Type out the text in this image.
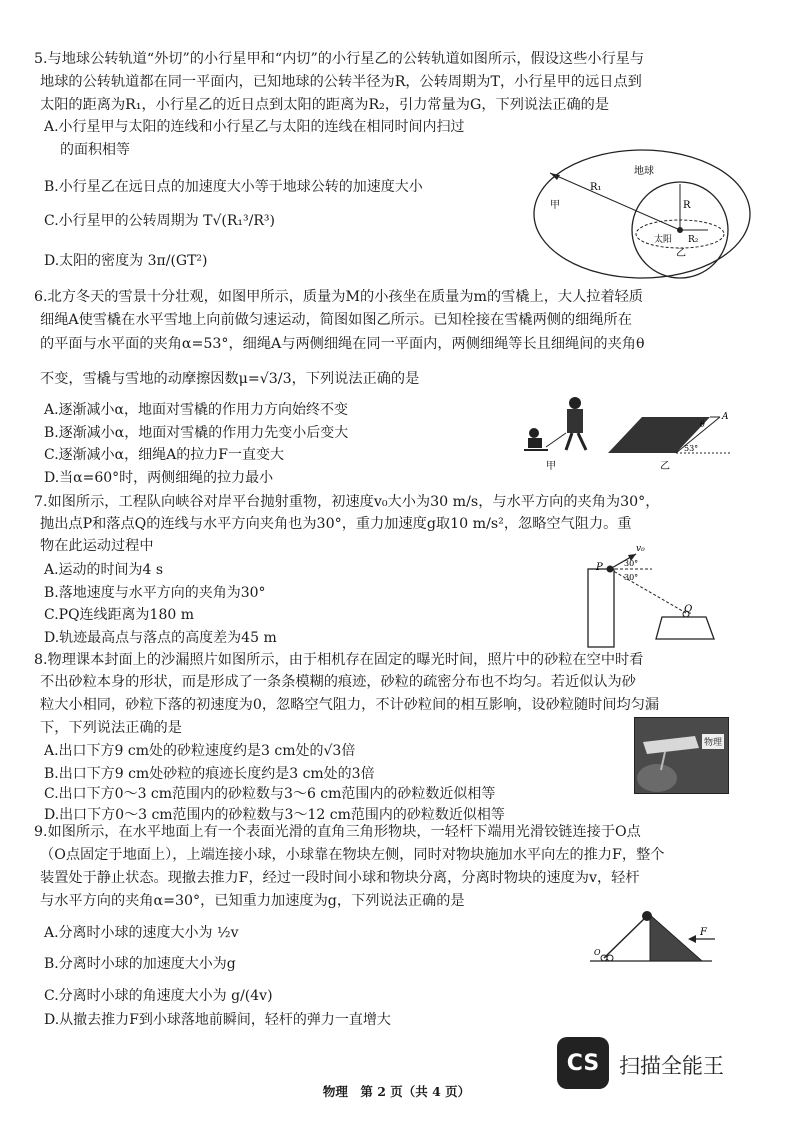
5.与地球公转轨道“外切”的小行星甲和“内切”的小行星乙的公转轨道如图所示，假设这些小行星与
地球的公转轨道都在同一平面内，已知地球的公转半径为R，公转周期为T，小行星甲的远日点到
太阳的距离为R₁，小行星乙的近日点到太阳的距离为R₂，引力常量为G，下列说法正确的是
A.小行星甲与太阳的连线和小行星乙与太阳的连线在相同时间内扫过
的面积相等
B.小行星乙在远日点的加速度大小等于地球公转的加速度大小
C.小行星甲的公转周期为 T√(R₁³/R³)
D.太阳的密度为 3π/(GT²)
R₁
地球
R
太阳 R₂
甲
乙
6.北方冬天的雪景十分壮观，如图甲所示，质量为M的小孩坐在质量为m的雪橇上，大人拉着轻质
细绳A使雪橇在水平雪地上向前做匀速运动，简图如图乙所示。已知栓接在雪橇两侧的细绳所在
的平面与水平面的夹角α=53°，细绳A与两侧细绳在同一平面内，两侧细绳等长且细绳间的夹角θ
不变，雪橇与雪地的动摩擦因数μ=√3/3，下列说法正确的是
A.逐渐减小α，地面对雪橇的作用力方向始终不变
B.逐渐减小α，地面对雪橇的作用力先变小后变大
C.逐渐减小α，细绳A的拉力F一直变大
D.当α=60°时，两侧细绳的拉力最小
甲
A
θ
53°
乙
7.如图所示，工程队向峡谷对岸平台抛射重物，初速度v₀大小为30 m/s，与水平方向的夹角为30°，
抛出点P和落点Q的连线与水平方向夹角也为30°，重力加速度g取10 m/s²，忽略空气阻力。重
物在此运动过程中
A.运动的时间为4 s
B.落地速度与水平方向的夹角为30°
C.PQ连线距离为180 m
D.轨迹最高点与落点的高度差为45 m
P
Q
v₀
30°
30°
8.物理课本封面上的沙漏照片如图所示，由于相机存在固定的曝光时间，照片中的砂粒在空中时看
不出砂粒本身的形状，而是形成了一条条模糊的痕迹，砂粒的疏密分布也不均匀。若近似认为砂
粒大小相同，砂粒下落的初速度为0，忽略空气阻力，不计砂粒间的相互影响，设砂粒随时间均匀漏
下，下列说法正确的是
A.出口下方9 cm处的砂粒速度约是3 cm处的√3倍
B.出口下方9 cm处砂粒的痕迹长度约是3 cm处的3倍
C.出口下方0～3 cm范围内的砂粒数与3～6 cm范围内的砂粒数近似相等
D.出口下方0～3 cm范围内的砂粒数与3～12 cm范围内的砂粒数近似相等
物理
9.如图所示，在水平地面上有一个表面光滑的直角三角形物块，一轻杆下端用光滑铰链连接于O点
（O点固定于地面上），上端连接小球，小球靠在物块左侧，同时对物块施加水平向左的推力F，整个
装置处于静止状态。现撤去推力F，经过一段时间小球和物块分离，分离时物块的速度为v，轻杆
与水平方向的夹角α=30°，已知重力加速度为g，下列说法正确的是
A.分离时小球的速度大小为 ½v
B.分离时小球的加速度大小为g
C.分离时小球的角速度大小为 g/(4v)
D.从撤去推力F到小球落地前瞬间，轻杆的弹力一直增大
F
O
物理　第 2 页（共 4 页）
CS 扫描全能王
